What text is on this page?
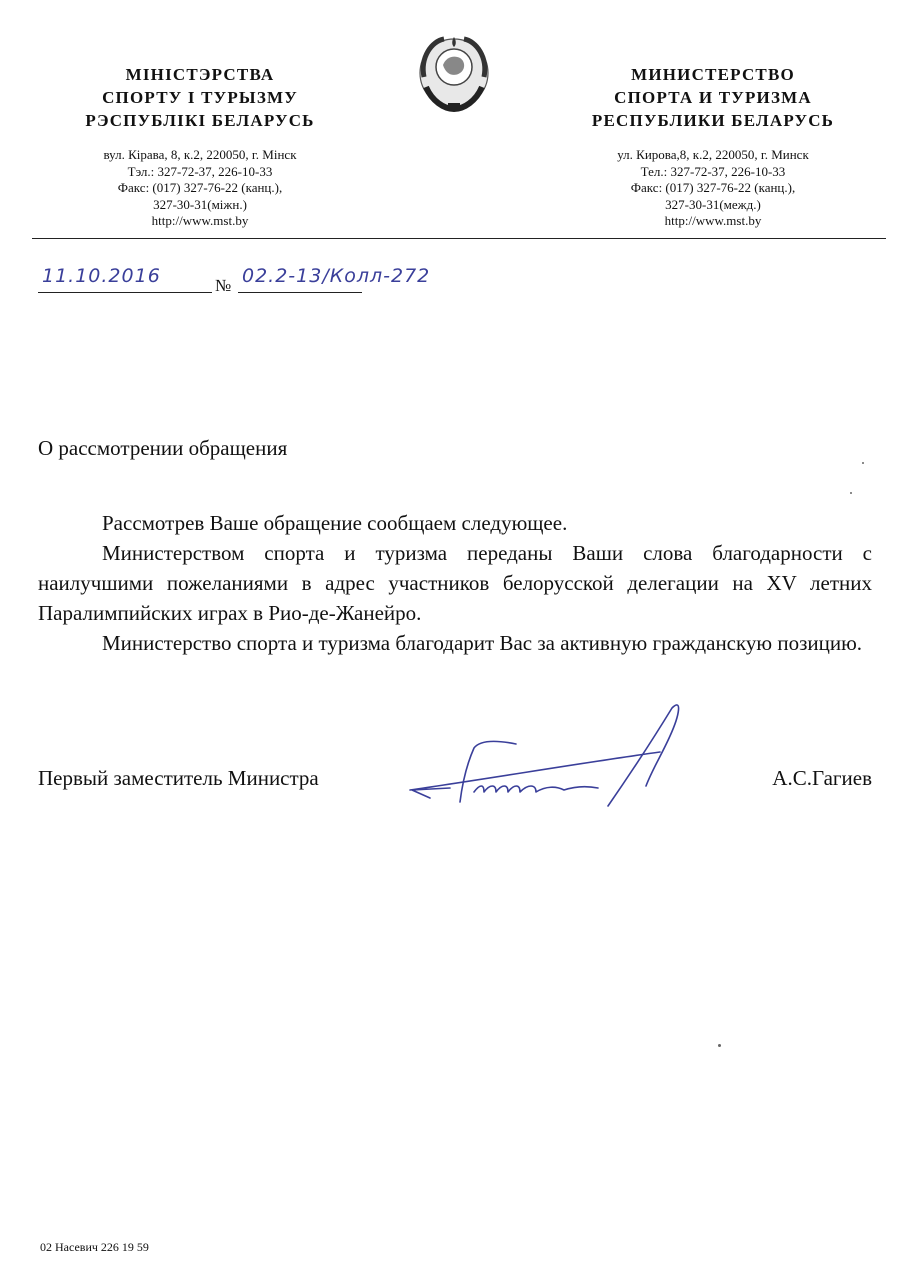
МІНІСТЭРСТВА
СПОРТУ І ТУРЫЗМУ
РЭСПУБЛІКІ БЕЛАРУСЬ
вул. Кірава, 8, к.2, 220050, г. Мінск
Тэл.: 327-72-37, 226-10-33
Факс: (017) 327-76-22 (канц.),
327-30-31(міжн.)
http://www.mst.by
МИНИСТЕРСТВО
СПОРТА И ТУРИЗМА
РЕСПУБЛИКИ БЕЛАРУСЬ
ул. Кирова,8, к.2, 220050, г. Минск
Тел.: 327-72-37, 226-10-33
Факс: (017) 327-76-22 (канц.),
327-30-31(межд.)
http://www.mst.by
11.10.2016	№ 02.2-13/Колл-272
О рассмотрении обращения

Рассмотрев Ваше обращение сообщаем следующее.

Министерством спорта и туризма переданы Ваши слова благодарности с наилучшими пожеланиями в адрес участников белорусской делегации на XV летних Паралимпийских играх в Рио-де-Жанейро.

Министерство спорта и туризма благодарит Вас за активную гражданскую позицию.

Первый заместитель Министра	А.С.Гагиев
02 Насевич 226 19 59
